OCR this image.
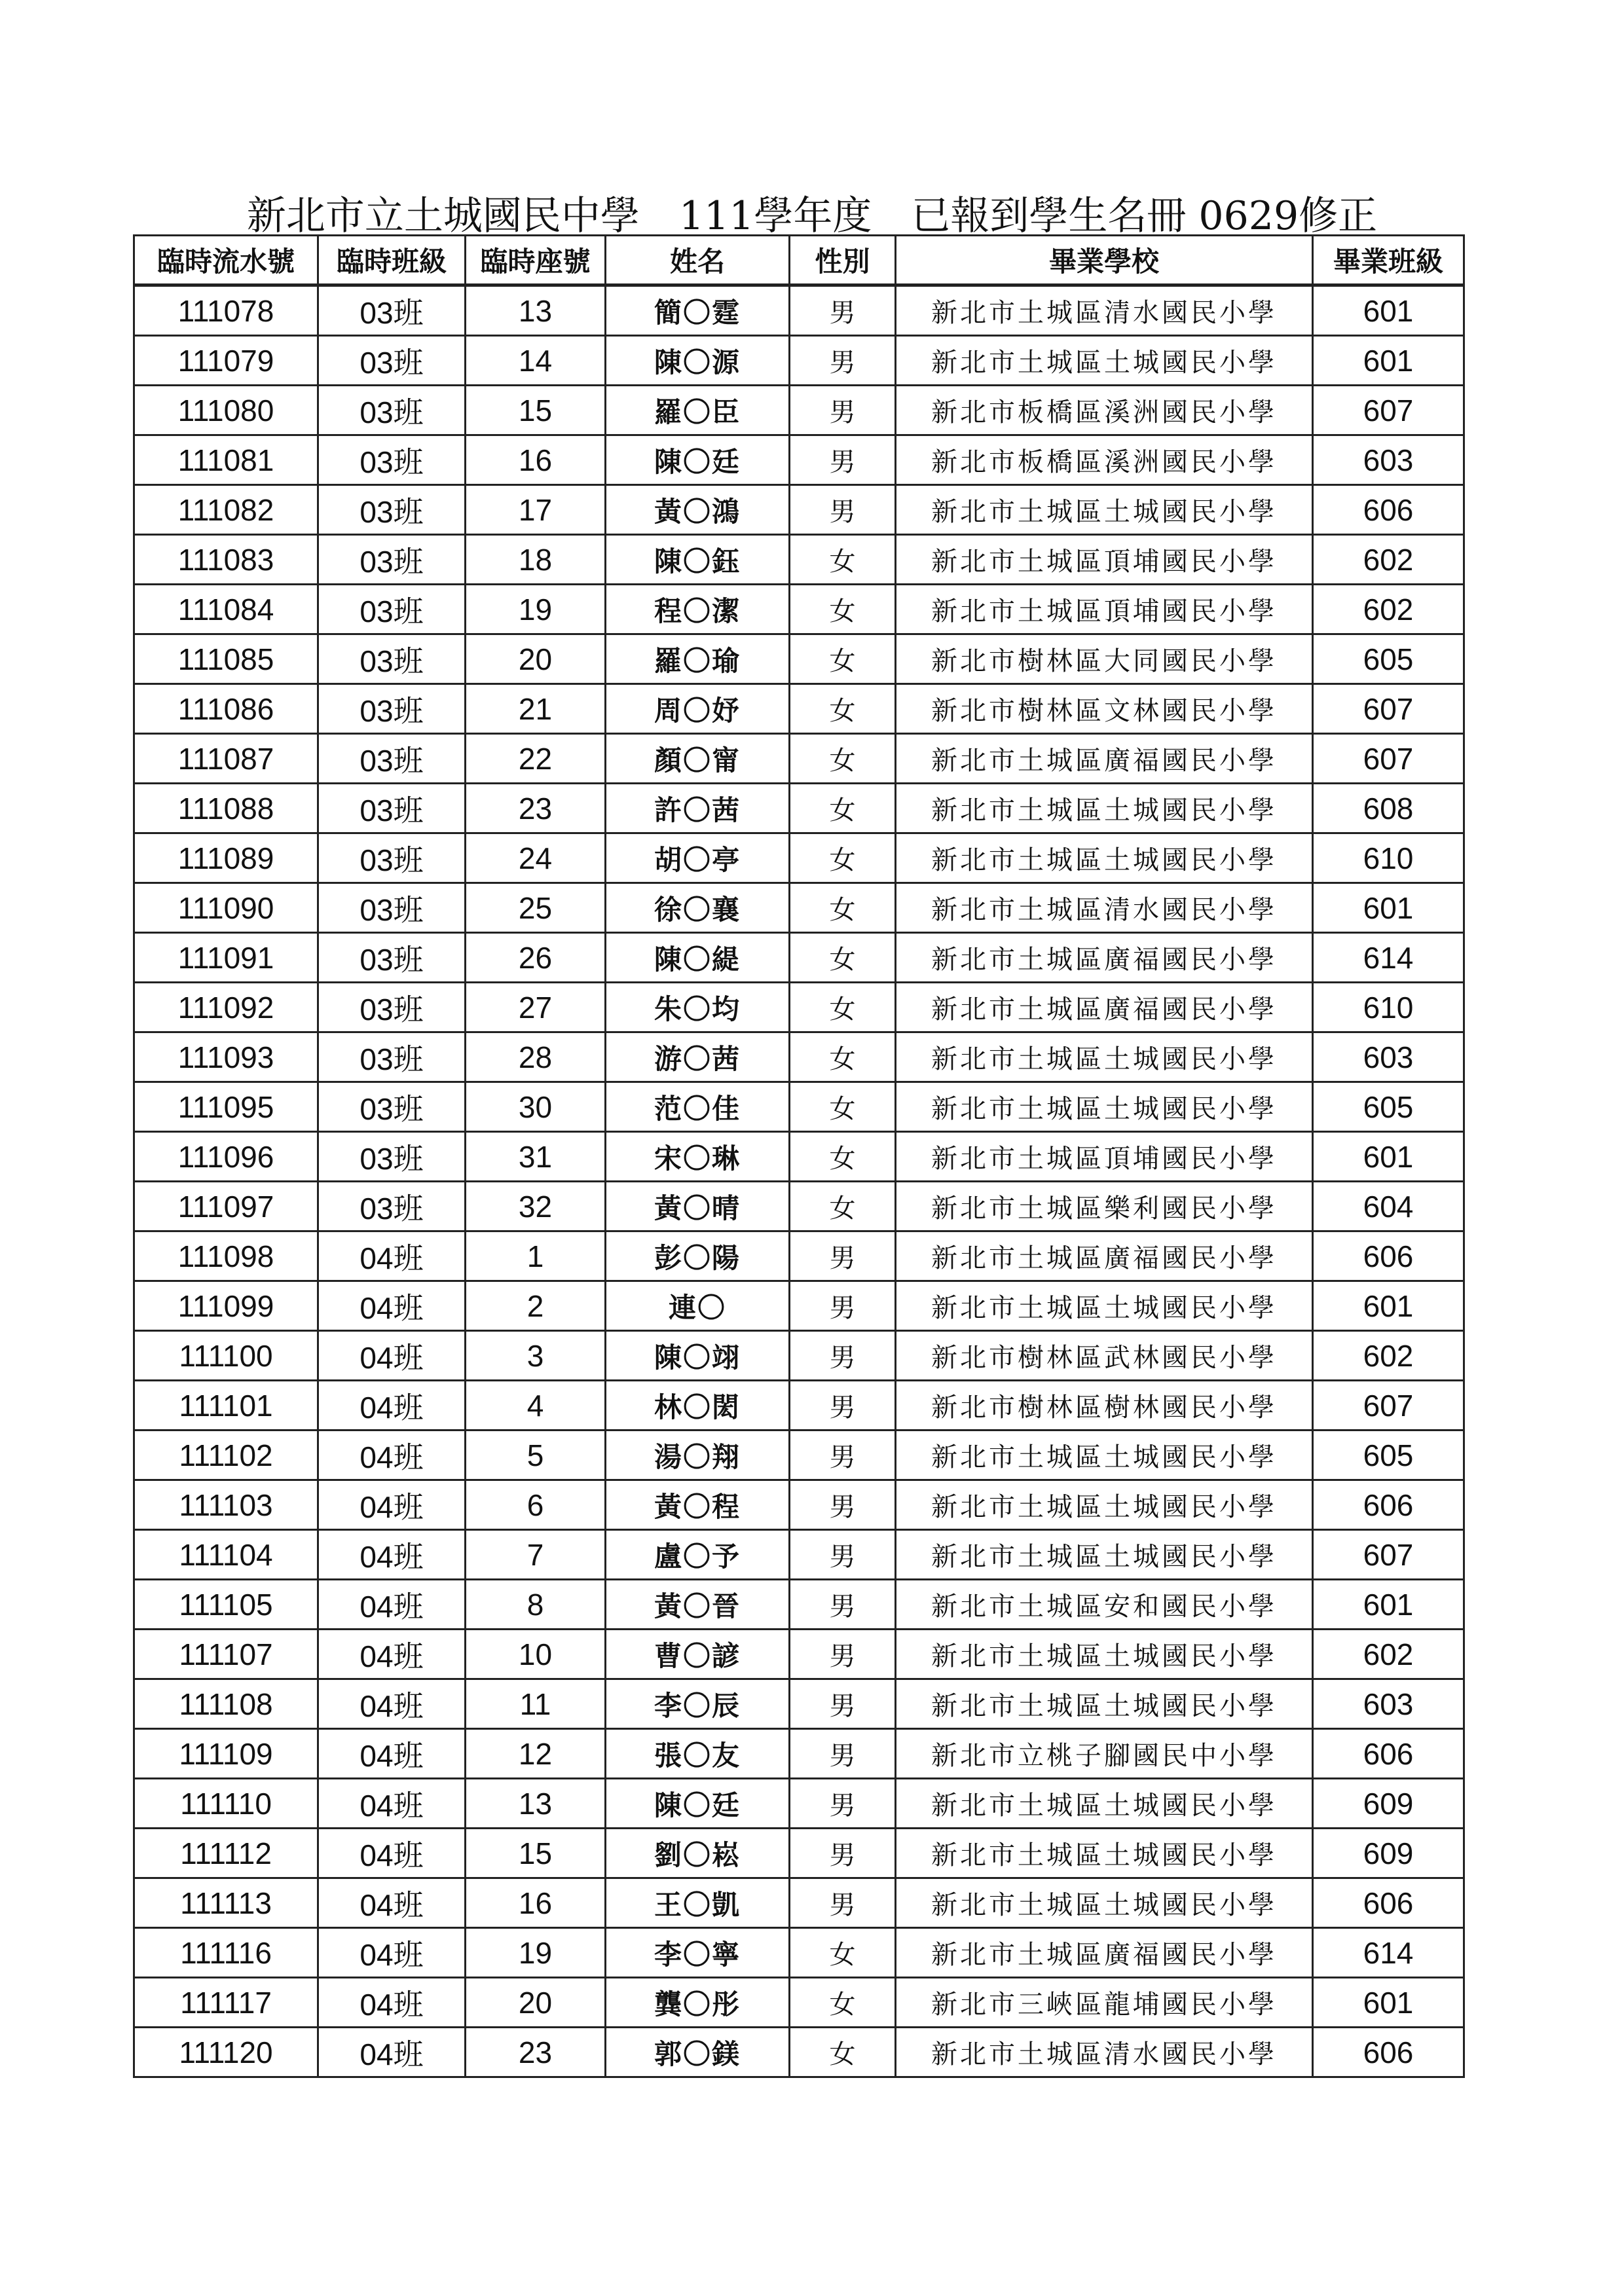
新北市立土城國民中學　111學年度　已報到學生名冊 0629修正
臨時流水號	臨時班級	臨時座號	姓名	性別	畢業學校	畢業班級
111078	03班	13	簡〇霆	男	新北市土城區清水國民小學	601
111079	03班	14	陳〇源	男	新北市土城區土城國民小學	601
111080	03班	15	羅〇臣	男	新北市板橋區溪洲國民小學	607
111081	03班	16	陳〇廷	男	新北市板橋區溪洲國民小學	603
111082	03班	17	黃〇鴻	男	新北市土城區土城國民小學	606
111083	03班	18	陳〇鈺	女	新北市土城區頂埔國民小學	602
111084	03班	19	程〇潔	女	新北市土城區頂埔國民小學	602
111085	03班	20	羅〇瑜	女	新北市樹林區大同國民小學	605
111086	03班	21	周〇妤	女	新北市樹林區文林國民小學	607
111087	03班	22	顏〇甯	女	新北市土城區廣福國民小學	607
111088	03班	23	許〇茜	女	新北市土城區土城國民小學	608
111089	03班	24	胡〇亭	女	新北市土城區土城國民小學	610
111090	03班	25	徐〇襄	女	新北市土城區清水國民小學	601
111091	03班	26	陳〇緹	女	新北市土城區廣福國民小學	614
111092	03班	27	朱〇均	女	新北市土城區廣福國民小學	610
111093	03班	28	游〇茜	女	新北市土城區土城國民小學	603
111095	03班	30	范〇佳	女	新北市土城區土城國民小學	605
111096	03班	31	宋〇琳	女	新北市土城區頂埔國民小學	601
111097	03班	32	黃〇晴	女	新北市土城區樂利國民小學	604
111098	04班	1	彭〇陽	男	新北市土城區廣福國民小學	606
111099	04班	2	連〇	男	新北市土城區土城國民小學	601
111100	04班	3	陳〇翊	男	新北市樹林區武林國民小學	602
111101	04班	4	林〇閎	男	新北市樹林區樹林國民小學	607
111102	04班	5	湯〇翔	男	新北市土城區土城國民小學	605
111103	04班	6	黃〇程	男	新北市土城區土城國民小學	606
111104	04班	7	盧〇予	男	新北市土城區土城國民小學	607
111105	04班	8	黃〇晉	男	新北市土城區安和國民小學	601
111107	04班	10	曹〇諺	男	新北市土城區土城國民小學	602
111108	04班	11	李〇辰	男	新北市土城區土城國民小學	603
111109	04班	12	張〇友	男	新北市立桃子腳國民中小學	606
111110	04班	13	陳〇廷	男	新北市土城區土城國民小學	609
111112	04班	15	劉〇崧	男	新北市土城區土城國民小學	609
111113	04班	16	王〇凱	男	新北市土城區土城國民小學	606
111116	04班	19	李〇寧	女	新北市土城區廣福國民小學	614
111117	04班	20	龔〇彤	女	新北市三峽區龍埔國民小學	601
111120	04班	23	郭〇鎂	女	新北市土城區清水國民小學	606
